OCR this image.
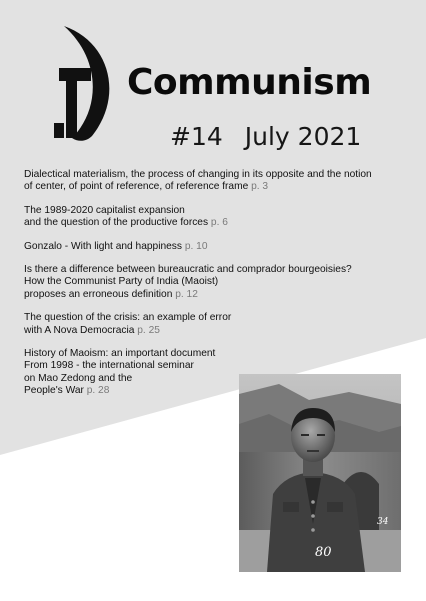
Communism
#14 July 2021
Dialectical materialism, the process of changing in its opposite and the notion
of center, of point of reference, of reference frame p. 3
The 1989-2020 capitalist expansion
and the question of the productive forces p. 6
Gonzalo - With light and happiness p. 10
Is there a difference between bureaucratic and comprador bourgeoisies?
How the Communist Party of India (Maoist)
proposes an erroneous definition p. 12
The question of the crisis: an example of error
with A Nova Democracia p. 25
History of Maoism: an important document
From 1998 - the international seminar
on Mao Zedong and the
People's War p. 28
80
34
